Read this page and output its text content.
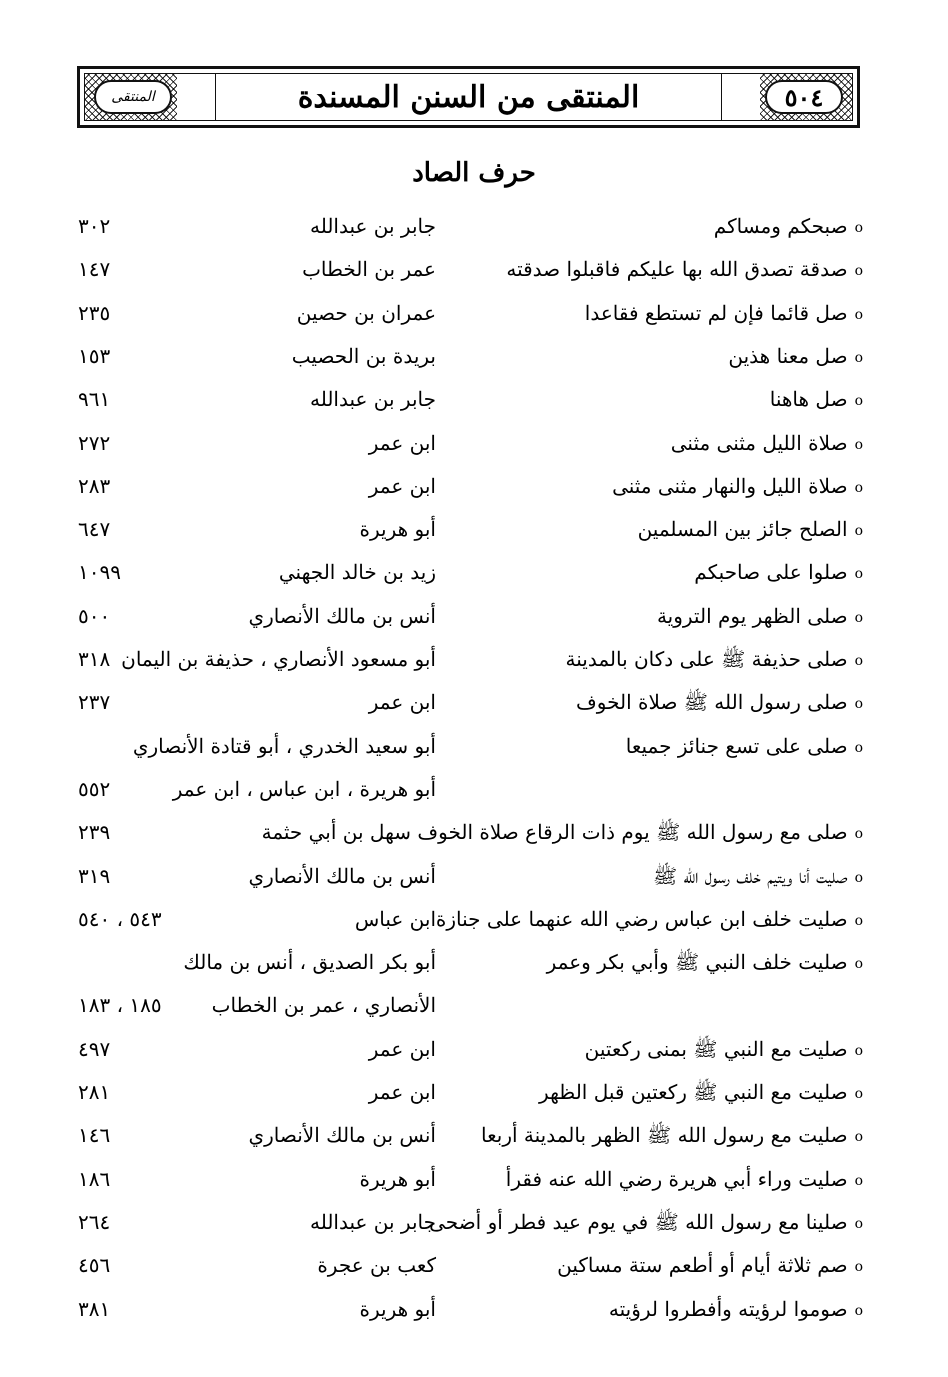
المنتقى	٥٠٤
المنتقى من السنن المسندة
حرف الصاد
o صبحكم ومساكم
جابر بن عبدالله
٣٠٢
o صدقة تصدق الله بها عليكم فاقبلوا صدقته
عمر بن الخطاب
١٤٧
o صل قائما فإن لم تستطع فقاعدا
عمران بن حصين
٢٣٥
o صل معنا هذين
بريدة بن الحصيب
١٥٣
o صل هاهنا
جابر بن عبدالله
٩٦١
o صلاة الليل مثنى مثنى
ابن عمر
٢٧٢
o صلاة الليل والنهار مثنى مثنى
ابن عمر
٢٨٣
o الصلح جائز بين المسلمين
أبو هريرة
٦٤٧
o صلوا على صاحبكم
زيد بن خالد الجهني
١٠٩٩
o صلى الظهر يوم التروية
أنس بن مالك الأنصاري
٥٠٠
o صلى حذيفة ﷺ على دكان بالمدينة
أبو مسعود الأنصاري ، حذيفة بن اليمان
٣١٨
o صلى رسول الله ﷺ صلاة الخوف
ابن عمر
٢٣٧
o صلى على تسع جنائز جميعا
أبو سعيد الخدري ، أبو قتادة الأنصاري
أبو هريرة ، ابن عباس ، ابن عمر
٥٥٢
o صلى مع رسول الله ﷺ يوم ذات الرقاع صلاة الخوف سهل بن أبي حثمة
٢٣٩
o صليت أنا ويتيم خلف رسول الله ﷺ
أنس بن مالك الأنصاري
٣١٩
o صليت خلف ابن عباس رضي الله عنهما على جنازة
ابن عباس
٥٤٣ ، ٥٤٠
o صليت خلف النبي ﷺ وأبي بكر وعمر
أبو بكر الصديق ، أنس بن مالك
الأنصاري ، عمر بن الخطاب
١٨٥ ، ١٨٣
o صليت مع النبي ﷺ بمنى ركعتين
ابن عمر
٤٩٧
o صليت مع النبي ﷺ ركعتين قبل الظهر
ابن عمر
٢٨١
o صليت مع رسول الله ﷺ الظهر بالمدينة أربعا
أنس بن مالك الأنصاري
١٤٦
o صليت وراء أبي هريرة رضي الله عنه فقرأ
أبو هريرة
١٨٦
o صلينا مع رسول الله ﷺ في يوم عيد فطر أو أضحى
جابر بن عبدالله
٢٦٤
o صم ثلاثة أيام أو أطعم ستة مساكين
كعب بن عجرة
٤٥٦
o صوموا لرؤيته وأفطروا لرؤيته
أبو هريرة
٣٨١
